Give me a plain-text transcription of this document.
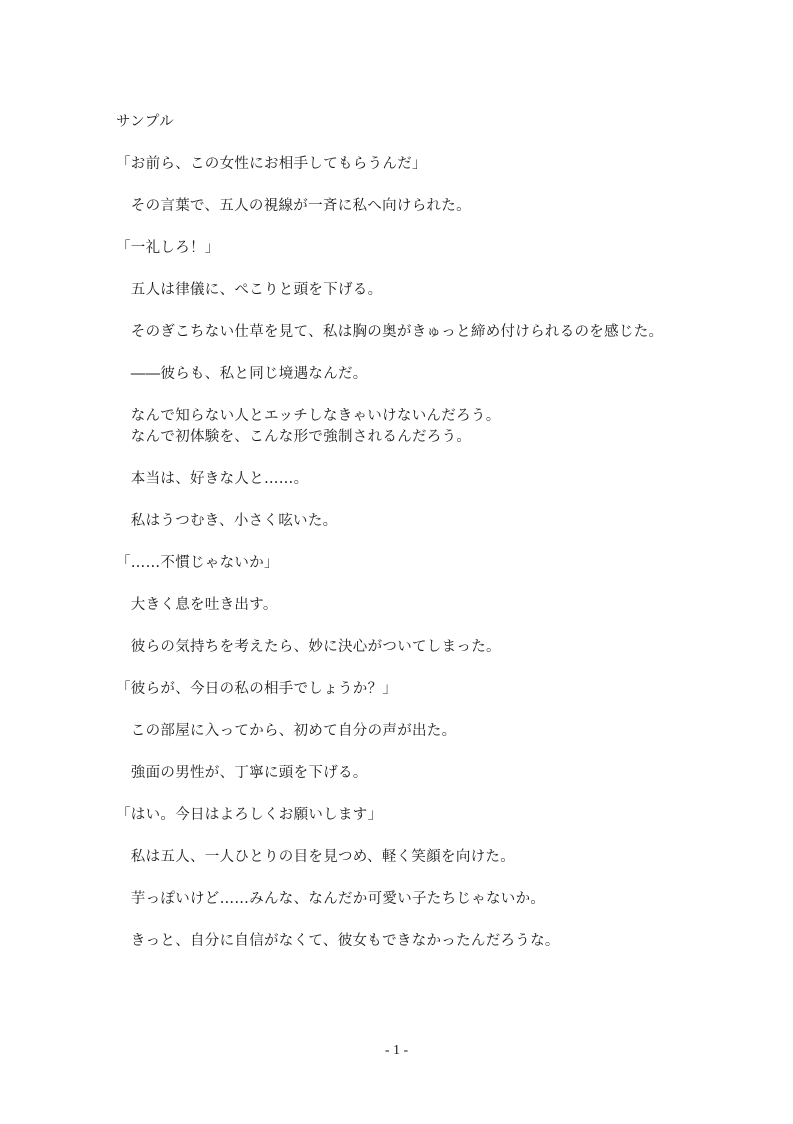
サンプル
「お前ら、この女性にお相手してもらうんだ」
　その言葉で、五人の視線が一斉に私へ向けられた。
「一礼しろ！」
　五人は律儀に、ぺこりと頭を下げる。
　そのぎこちない仕草を見て、私は胸の奥がきゅっと締め付けられるのを感じた。
　――彼らも、私と同じ境遇なんだ。
　なんで知らない人とエッチしなきゃいけないんだろう。
　なんで初体験を、こんな形で強制されるんだろう。
　本当は、好きな人と……。
　私はうつむき、小さく呟いた。
「……不慣じゃないか」
　大きく息を吐き出す。
　彼らの気持ちを考えたら、妙に決心がついてしまった。
「彼らが、今日の私の相手でしょうか？」
　この部屋に入ってから、初めて自分の声が出た。
　強面の男性が、丁寧に頭を下げる。
「はい。今日はよろしくお願いします」
　私は五人、一人ひとりの目を見つめ、軽く笑顔を向けた。
　芋っぽいけど……みんな、なんだか可愛い子たちじゃないか。
　きっと、自分に自信がなくて、彼女もできなかったんだろうな。
- 1 -
